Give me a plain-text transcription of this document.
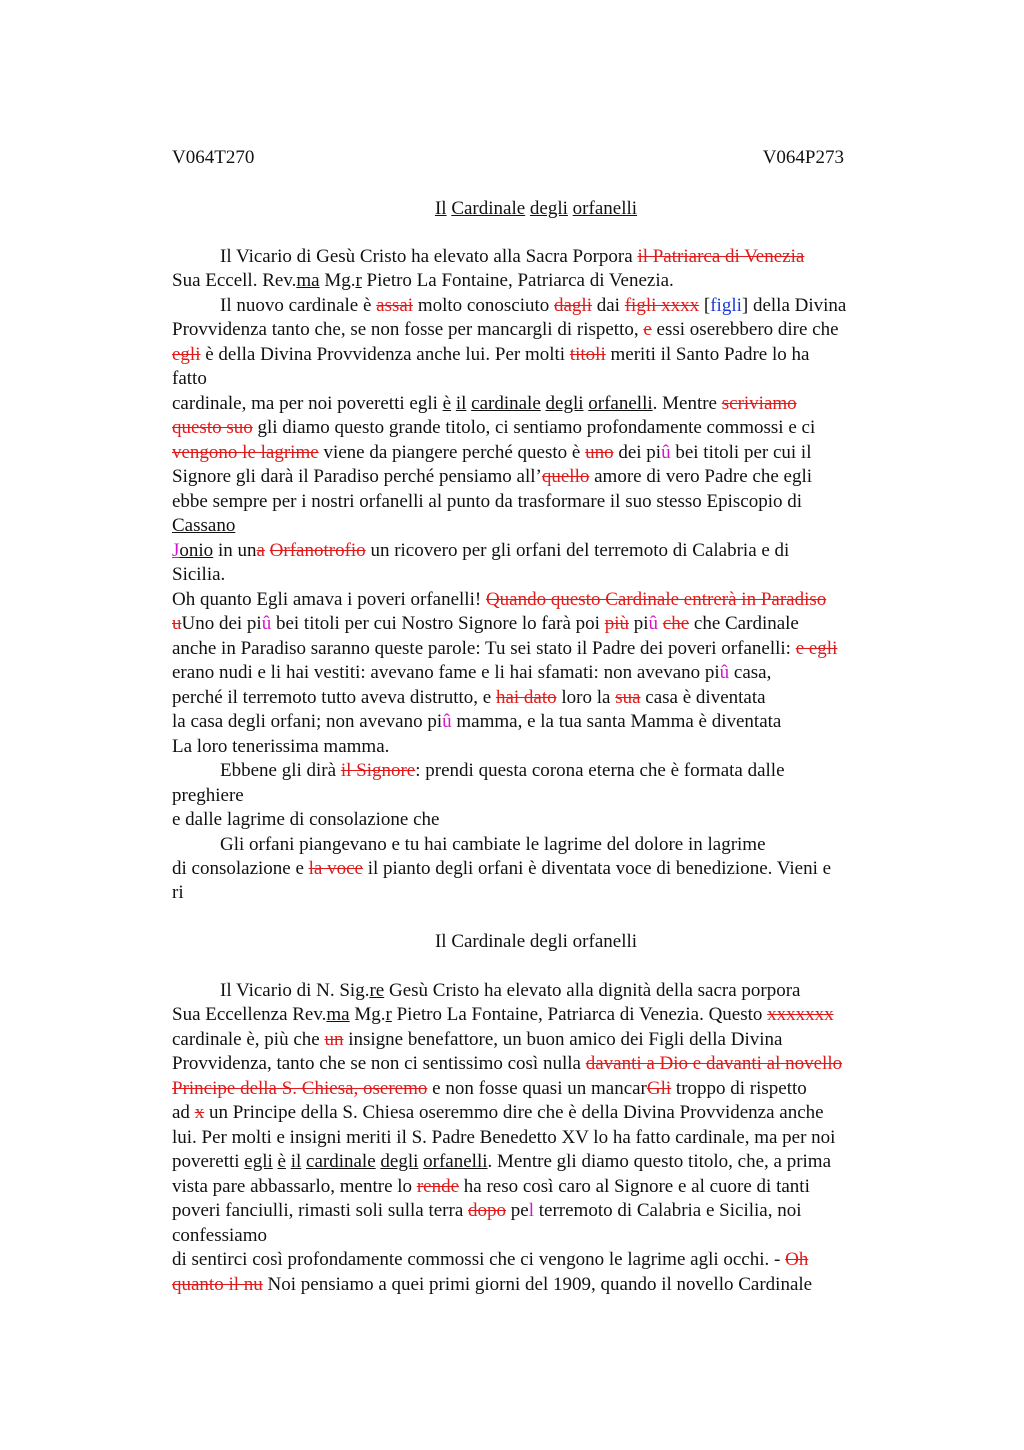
V064T270	V064P273
Il Cardinale degli orfanelli
Il Vicario di Gesù Cristo ha elevato alla Sacra Porpora il Patriarca di Venezia
Sua Eccell. Rev.ma Mg.r Pietro La Fontaine, Patriarca di Venezia.
Il nuovo cardinale è assai molto conosciuto dagli dai figli xxxx [figli] della Divina
Provvidenza tanto che, se non fosse per mancargli di rispetto, e essi oserebbero dire che
egli è della Divina Provvidenza anche lui. Per molti titoli meriti il Santo Padre lo ha
fatto
cardinale, ma per noi poveretti egli è il cardinale degli orfanelli. Mentre scriviamo
questo suo gli diamo questo grande titolo, ci sentiamo profondamente commossi e ci
vengono le lagrime viene da piangere perché questo è uno dei piû bei titoli per cui il
Signore gli darà il Paradiso perché pensiamo all’quello amore di vero Padre che egli
ebbe sempre per i nostri orfanelli al punto da trasformare il suo stesso Episcopio di
Cassano
Jonio in una Orfanotrofio un ricovero per gli orfani del terremoto di Calabria e di
Sicilia.
Oh quanto Egli amava i poveri orfanelli! Quando questo Cardinale entrerà in Paradiso
uUno dei piû bei titoli per cui Nostro Signore lo farà poi più piû che che Cardinale
anche in Paradiso saranno queste parole: Tu sei stato il Padre dei poveri orfanelli: e egli
erano nudi e li hai vestiti: avevano fame e li hai sfamati: non avevano piû casa,
perché il terremoto tutto aveva distrutto, e hai dato loro la sua casa è diventata
la casa degli orfani; non avevano piû mamma, e la tua santa Mamma è diventata
La loro tenerissima mamma.
Ebbene gli dirà il Signore: prendi questa corona eterna che è formata dalle
preghiere
e dalle lagrime di consolazione che
Gli orfani piangevano e tu hai cambiate le lagrime del dolore in lagrime
di consolazione e la voce il pianto degli orfani è diventata voce di benedizione. Vieni e
ri
Il Cardinale degli orfanelli
Il Vicario di N. Sig.re Gesù Cristo ha elevato alla dignità della sacra porpora
Sua Eccellenza Rev.ma Mg.r Pietro La Fontaine, Patriarca di Venezia. Questo xxxxxxx
cardinale è, più che un insigne benefattore, un buon amico dei Figli della Divina
Provvidenza, tanto che se non ci sentissimo così nulla davanti a Dio e davanti al novello
Principe della S. Chiesa, oseremo e non fosse quasi un mancarGli troppo di rispetto
ad x un Principe della S. Chiesa oseremmo dire che è della Divina Provvidenza anche
lui. Per molti e insigni meriti il S. Padre Benedetto XV lo ha fatto cardinale, ma per noi
poveretti egli è il cardinale degli orfanelli. Mentre gli diamo questo titolo, che, a prima
vista pare abbassarlo, mentre lo rende ha reso così caro al Signore e al cuore di tanti
poveri fanciulli, rimasti soli sulla terra dopo pel terremoto di Calabria e Sicilia, noi
confessiamo
di sentirci così profondamente commossi che ci vengono le lagrime agli occhi. - Oh
quanto il nu Noi pensiamo a quei primi giorni del 1909, quando il novello Cardinale
